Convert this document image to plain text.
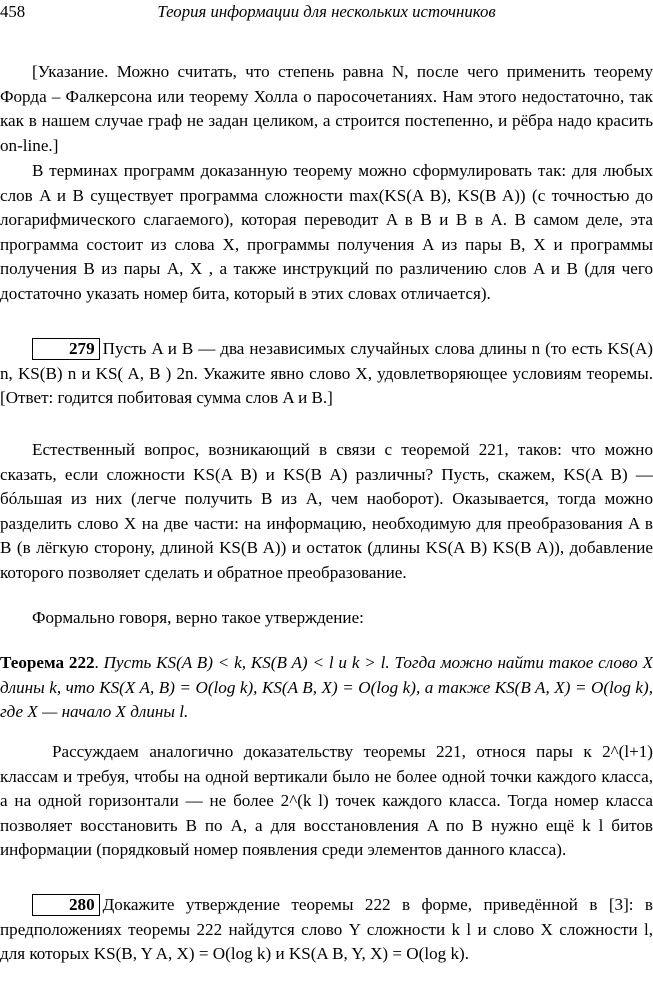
458	Теория информации для нескольких источников

[Указание. Можно считать, что степень равна N, после чего применить теорему Форда – Фалкерсона или теорему Холла о паросочетаниях. Нам этого недостаточно, так как в нашем случае граф не задан целиком, а строится постепенно, и рёбра надо красить on-line.]

В терминах программ доказанную теорему можно сформулировать так: для любых слов A и B существует программа сложности max(KS(A B), KS(B A)) (с точностью до логарифмического слагаемого), которая переводит A в B и B в A. В самом деле, эта программа состоит из слова X, программы получения A из пары B, X и программы получения B из пары A, X , а также инструкций по различению слов A и B (для чего достаточно указать номер бита, который в этих словах отличается).

279 Пусть A и B — два независимых случайных слова длины n (то есть KS(A) n, KS(B) n и KS( A, B ) 2n. Укажите явно слово X, удовлетворяющее условиям теоремы. [Ответ: годится побитовая сумма слов A и B.]

Естественный вопрос, возникающий в связи с теоремой 221, таков: что можно сказать, если сложности KS(A B) и KS(B A) различны? Пусть, скажем, KS(A B) — бóльшая из них (легче получить B из A, чем наоборот). Оказывается, тогда можно разделить слово X на две части: на информацию, необходимую для преобразования A в B (в лёгкую сторону, длиной KS(B A)) и остаток (длины KS(A B) KS(B A)), добавление которого позволяет сделать и обратное преобразование.

Формально говоря, верно такое утверждение:

Теорема 222. Пусть KS(A B) < k, KS(B A) < l и k > l. Тогда можно найти такое слово X длины k, что KS(X A, B) = O(log k), KS(A B, X) = O(log k), а также KS(B A, X) = O(log k), где X — начало X длины l.

Рассуждаем аналогично доказательству теоремы 221, относя пары к 2^(l+1) классам и требуя, чтобы на одной вертикали было не более одной точки каждого класса, а на одной горизонтали — не более 2^(k l) точек каждого класса. Тогда номер класса позволяет восстановить B по A, а для восстановления A по B нужно ещё k l битов информации (порядковый номер появления среди элементов данного класса).

280 Докажите утверждение теоремы 222 в форме, приведённой в [3]: в предположениях теоремы 222 найдутся слово Y сложности k l и слово X сложности l, для которых KS(B, Y A, X) = O(log k) и KS(A B, Y, X) = O(log k).
